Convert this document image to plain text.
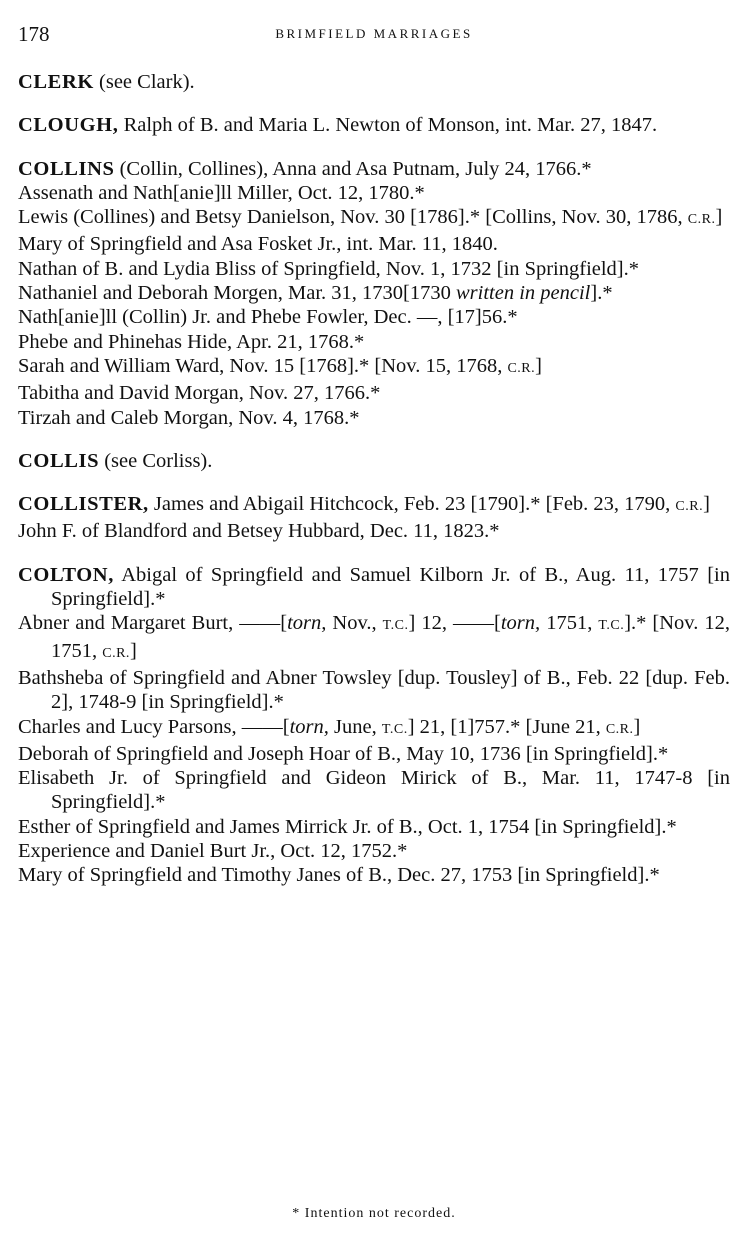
178	BRIMFIELD MARRIAGES

CLERK (see Clark).

CLOUGH, Ralph of B. and Maria L. Newton of Monson, int. Mar. 27, 1847.

COLLINS (Collin, Collines), Anna and Asa Putnam, July 24, 1766.*

Assenath and Nath[anie]ll Miller, Oct. 12, 1780.*

Lewis (Collines) and Betsy Danielson, Nov. 30 [1786].* [Collins, Nov. 30, 1786, C.R.]

Mary of Springfield and Asa Fosket Jr., int. Mar. 11, 1840.

Nathan of B. and Lydia Bliss of Springfield, Nov. 1, 1732 [in Springfield].*

Nathaniel and Deborah Morgen, Mar. 31, 1730[1730 written in pencil].*

Nath[anie]ll (Collin) Jr. and Phebe Fowler, Dec. —, [17]56.*

Phebe and Phinehas Hide, Apr. 21, 1768.*

Sarah and William Ward, Nov. 15 [1768].* [Nov. 15, 1768, C.R.]

Tabitha and David Morgan, Nov. 27, 1766.*

Tirzah and Caleb Morgan, Nov. 4, 1768.*

COLLIS (see Corliss).

COLLISTER, James and Abigail Hitchcock, Feb. 23 [1790].* [Feb. 23, 1790, C.R.]

John F. of Blandford and Betsey Hubbard, Dec. 11, 1823.*

COLTON, Abigal of Springfield and Samuel Kilborn Jr. of B., Aug. 11, 1757 [in Springfield].*

Abner and Margaret Burt, ——[torn, Nov., T.C.] 12, ——[torn, 1751, T.C.].* [Nov. 12, 1751, C.R.]

Bathsheba of Springfield and Abner Towsley [dup. Tousley] of B., Feb. 22 [dup. Feb. 2], 1748-9 [in Springfield].*

Charles and Lucy Parsons, ——[torn, June, T.C.] 21, [1]757.* [June 21, C.R.]

Deborah of Springfield and Joseph Hoar of B., May 10, 1736 [in Springfield].*

Elisabeth Jr. of Springfield and Gideon Mirick of B., Mar. 11, 1747-8 [in Springfield].*

Esther of Springfield and James Mirrick Jr. of B., Oct. 1, 1754 [in Springfield].*

Experience and Daniel Burt Jr., Oct. 12, 1752.*

Mary of Springfield and Timothy Janes of B., Dec. 27, 1753 [in Springfield].*

* Intention not recorded.
